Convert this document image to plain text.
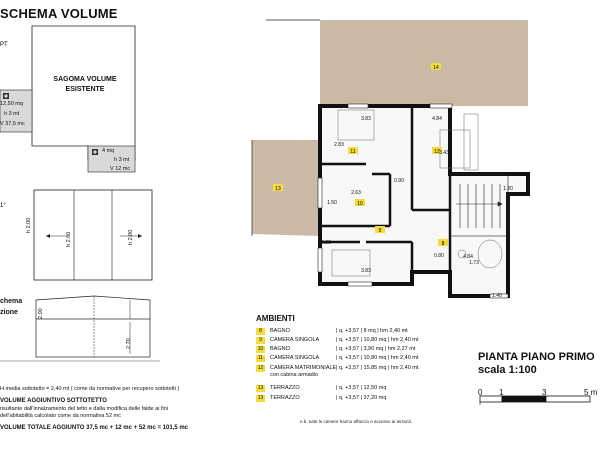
SCHEMA VOLUME
PT
1°
SAGOMA VOLUME ESISTENTE
12,50 mq
h 3 mt
V 37,5 mc
4 mq
h 3 mt
V 12 mc
h 2.00
h 2.80	h 2.00
chema
zione	2.00
2.70
H media sottotetto = 2,40 mt ( come da normative per recupero sottotetti )
VOLUME AGGIUNTIVO SOTTOTETTO
risultante dall'innalzamento del tetto e dalla modifica delle falde ai fini
dell'abitabilità calcolato come da normativa 52 mc
VOLUME TOTALE AGGIUNTO 37,5 mc + 12 mc + 52 mc = 101,5 mc
14
13
11	12
10
9
8
3.83
2.83
4.84
3.43
1.20
2.63
1.50
2.83
3.83
4.84
1.73
0.80
0.90
1.40
AMBIENTI
8 BAGNO	| q. +3,57 | 8 mq | hm 2,40 mt
9 CAMERA SINGOLA	| q. +3,57 | 10,80 mq | hm 2,40 mt
10 BAGNO	| q. +3,57 | 3,90 mq | hm 2,27 mt
11 CAMERA SINGOLA	| q. +3,57 | 10,80 mq | hm 2,40 mt
12 CAMERA MATRIMONIALE| q. +3,57 | 15,85 mq | hm 2,40 mt
con cabina armadio
13 TERRAZZO	| q. +3,57 | 12,50 mq
13 TERRAZZO	| q. +3,57 | 37,20 mq
n.b. tutte le camere hanno affaccio e accesso ai terrazzi.
PIANTA PIANO PRIMO
scala 1:100
0 1	3	5 m
